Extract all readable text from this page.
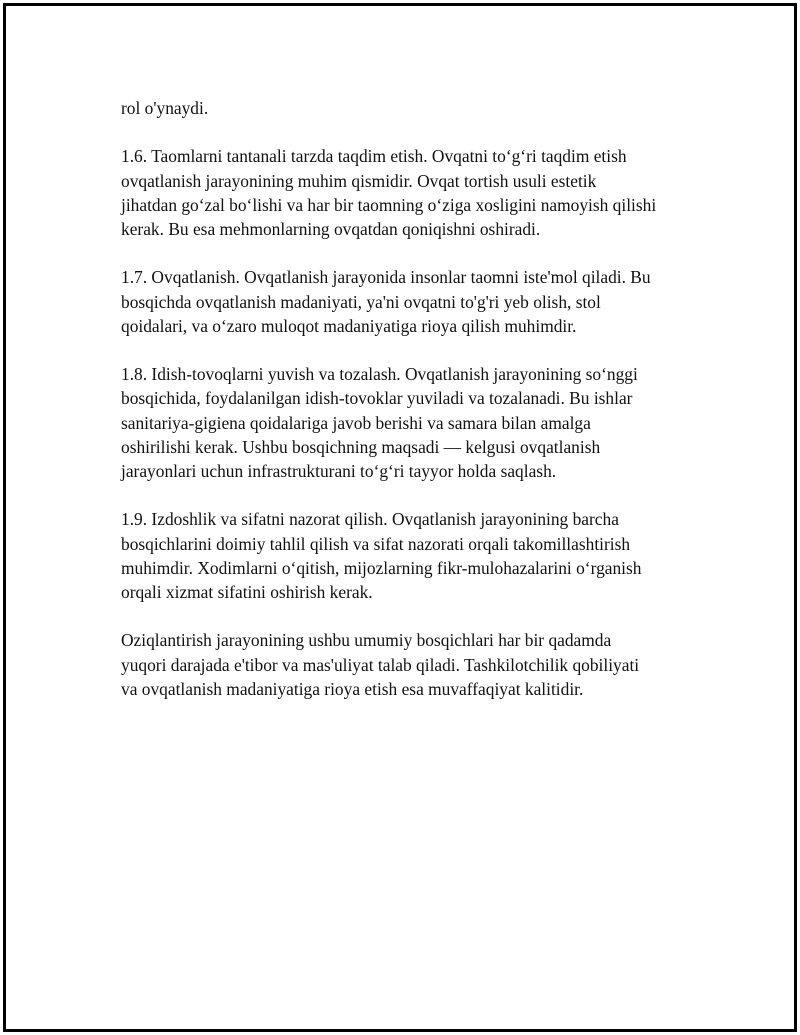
rol o'ynaydi.

1.6. Taomlarni tantanali tarzda taqdim etish. Ovqatni to‘g‘ri taqdim etish
ovqatlanish jarayonining muhim qismidir. Ovqat tortish usuli estetik
jihatdan go‘zal bo‘lishi va har bir taomning o‘ziga xosligini namoyish qilishi
kerak. Bu esa mehmonlarning ovqatdan qoniqishni oshiradi.

1.7. Ovqatlanish. Ovqatlanish jarayonida insonlar taomni iste'mol qiladi. Bu
bosqichda ovqatlanish madaniyati, ya'ni ovqatni to'g'ri yeb olish, stol
qoidalari, va o‘zaro muloqot madaniyatiga rioya qilish muhimdir.

1.8. Idish-tovoqlarni yuvish va tozalash. Ovqatlanish jarayonining so‘nggi
bosqichida, foydalanilgan idish-tovoklar yuviladi va tozalanadi. Bu ishlar
sanitariya-gigiena qoidalariga javob berishi va samara bilan amalga
oshirilishi kerak. Ushbu bosqichning maqsadi — kelgusi ovqatlanish
jarayonlari uchun infrastrukturani to‘g‘ri tayyor holda saqlash.

1.9. Izdoshlik va sifatni nazorat qilish. Ovqatlanish jarayonining barcha
bosqichlarini doimiy tahlil qilish va sifat nazorati orqali takomillashtirish
muhimdir. Xodimlarni o‘qitish, mijozlarning fikr-mulohazalarini o‘rganish
orqali xizmat sifatini oshirish kerak.

Oziqlantirish jarayonining ushbu umumiy bosqichlari har bir qadamda
yuqori darajada e'tibor va mas'uliyat talab qiladi. Tashkilotchilik qobiliyati
va ovqatlanish madaniyatiga rioya etish esa muvaffaqiyat kalitidir.
